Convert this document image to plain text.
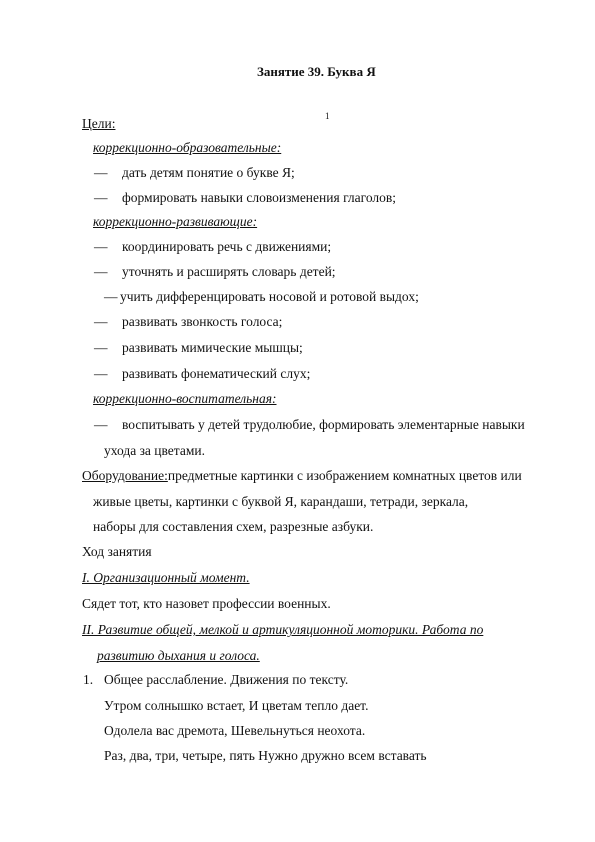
Занятие 39. Буква Я
1
Цели:
коррекционно-образовательные:
— дать детям понятие о букве Я;
— формировать навыки словоизменения глаголов;
коррекционно-развивающие:
— координировать речь с движениями;
— уточнять и расширять словарь детей;
— учить дифференцировать носовой и ротовой выдох;
— развивать звонкость голоса;
— развивать мимические мышцы;
— развивать фонематический слух;
коррекционно-воспитательная:
— воспитывать у детей трудолюбие, формировать элементарные навыки
ухода за цветами.
Оборудование:предметные картинки с изображением комнатных цветов или
живые цветы, картинки с буквой Я, карандаши, тетради, зеркала,
наборы для составления схем, разрезные азбуки.
Ход занятия
I. Организационный момент.
Сядет тот, кто назовет профессии военных.
II. Развитие общей, мелкой и артикуляционной моторики. Работа по
развитию дыхания и голоса.
1. Общее расслабление. Движения по тексту.
Утром солнышко встает, И цветам тепло дает.
Одолела вас дремота, Шевельнуться неохота.
Раз, два, три, четыре, пять Нужно дружно всем вставать
